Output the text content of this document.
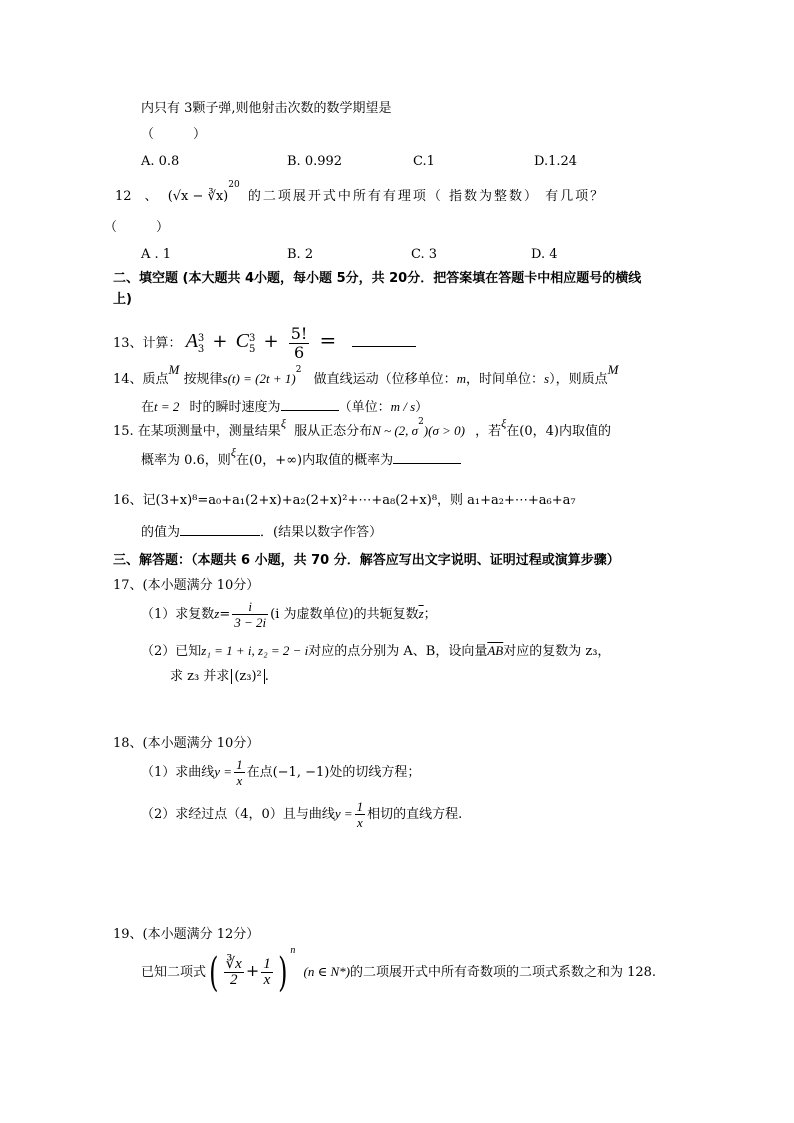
内只有 3颗子弹,则他射击次数的数学期望是
（　　　）
A. 0.8	B. 0.992	C.1	D.1.24
12　、 (√x − ∛x)$^{20}$ 的二项展开式中所有有理项（ 指数为整数） 有几项？
（　　　）
A . 1	B. 2	C. 3	D. 4
二、填空题 (本大题共 4小题，每小题 5分，共 20分．把答案填在答题卡中相应题号的横线
上)
13、计算： A 3
3 + C 3
$5 + \frac{5!}{6}$ =
14、质点$^M$ 按规律$s(t) = (2t + 1)^2$ 做直线运动（位移单位：m，时间单位：s），则质点$^M$
在t = 2 时的瞬时速度为	（单位：m / s）
15. 在某项测量中，测量结果$^\xi$ 服从正态分布N ~ (2, $\sigma^2)(\sigma > 0)$ ，若$^\xi$在(0，4)内取值的
概率为 0.6，则$^\xi$在(0，+∞)内取值的概率为
16、记(3+x)⁸=a₀+a₁(2+x)+a₂(2+x)²+⋯+a₈(2+x)⁸，则 a₁+a₂+⋯+a₆+a₇
的值为	．(结果以数字作答）
三、解答题：（本题共 6 小题，共 70 分．解答应写出文字说明、证明过程或演算步骤）
17、(本小题满分 10分）
（1）求复数$z= \frac{i}{3 - 2i} (i$ 为虚数单位)的共轭复数$\overline{z}$；
（2）已知z₁ = 1 + i, z₂ = 2 − i对应的点分别为 A、B，设向量$\overline{AB}$对应的复数为 z₃，
求 z₃ 并求 (z₃)² .
18、(本小题满分 10分）
（1）求曲线$y = \frac{1}{x}$ 在点(−1, −1)处的切线方程；
（2）求经过点（4，0）且与曲线$y = \frac{1}{x}$ 相切的直线方程.
19、(本小题满分 12分）
已知二项式( $\frac{∛x}{2} + \frac{1}{x}$ ) $^n$ (n ∈ N*)的二项展开式中所有奇数项的二项式系数之和为 128.
